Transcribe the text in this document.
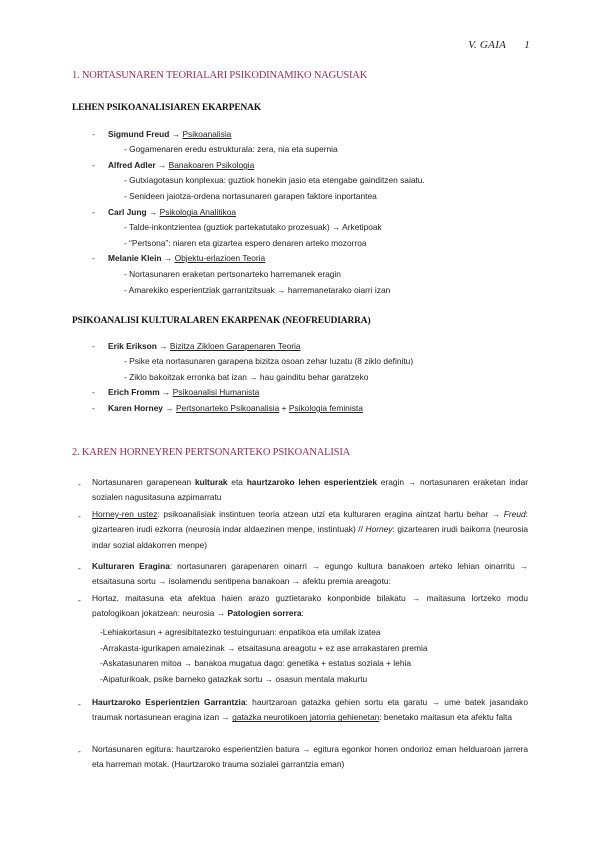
V. GAIA 1
1. NORTASUNAREN TEORIALARI PSIKODINAMIKO NAGUSIAK
LEHEN PSIKOANALISIAREN EKARPENAK
- Sigmund Freud → Psikoanalisia
- Gogamenaren eredu estrukturala: zera, nia eta supernia
- Alfred Adler → Banakoaren Psikologia
- Gutxiagotasun konplexua: guztiok honekin jasio eta etengabe gainditzen saiatu.
- Senideen jaiotza-ordena nortasunaren garapen faktore inportantea
- Carl Jung → Psikologia Analitikoa
- Talde-inkontzientea (guztiok partekatutako prozesuak) → Arketipoak
- “Pertsona”: niaren eta gizartea espero denaren arteko mozorroa
- Melanie Klein → Objektu-erlazioen Teoria
- Nortasunaren eraketan pertsonarteko harremanek eragin
- Amarekiko esperientziak garrantzitsuak → harremanetarako oiarri izan
PSIKOANALISI KULTURALAREN EKARPENAK (NEOFREUDIARRA)
- Erik Erikson → Bizitza Zikloen Garapenaren Teoria
- Psike eta nortasunaren garapena bizitza osoan zehar luzatu (8 ziklo definitu)
- Ziklo bakoitzak erronka bat izan → hau gainditu behar garatzeko
- Erich Fromm → Psikoanalisi Humanista
- Karen Horney → Pertsonarteko Psikoanalisia + Psikologia feminista
2. KAREN HORNEYREN PERTSONARTEKO PSIKOANALISIA
- Nortasunaren garapenean kulturak eta haurtzaroko lehen esperientziek eragin → nortasunaren eraketan indar sozialen nagusitasuna azpimarratu
- Horney-ren ustez: psikoanalisiak instintuen teoria atzean utzi eta kulturaren eragina aintzat hartu behar → Freud: gizartearen irudi ezkorra (neurosia indar aldaezinen menpe, instintuak) // Horney: gizartearen irudi baikorra (neurosia indar sozial aldakorren menpe)
- Kulturaren Eragina: nortasunaren garapenaren oinarri → egungo kultura banakoen arteko lehian oinarritu → etsaitasuna sortu → isolamendu sentipena banakoan → afektu premia areagotu:
- Hortaz, maitasuna eta afektua haien arazo guztietarako konponbide bilakatu → maitasuna lortzeko modu patologikoan jokatzean: neurosia → Patologien sorrera:
-Lehiakortasun + agresibitatezko testuinguruan: enpatikoa eta umilak izatea
-Arrakasta-igurikapen amaiezinak → etsaitasuna areagotu + ez ase arrakastaren premia
-Askatasunaren mitoa → banakoa mugatua dago: genetika + estatus soziala + lehia
-Aipaturikoak, psike barneko gatazkak sortu → osasun mentala makurtu
- Haurtzaroko Esperientzien Garrantzia: haurtzaroan gatazka gehien sortu eta garatu → ume batek jasandako traumak nortasunean eragina izan → gatazka neurotikoen jatorria gehienetan: benetako maitasun eta afektu falta
- Nortasunaren egitura: haurtzaroko esperientzien batura → egitura egonkor honen ondorioz eman helduaroan jarrera eta harreman motak. (Haurtzaroko trauma sozialei garrantzia eman)
